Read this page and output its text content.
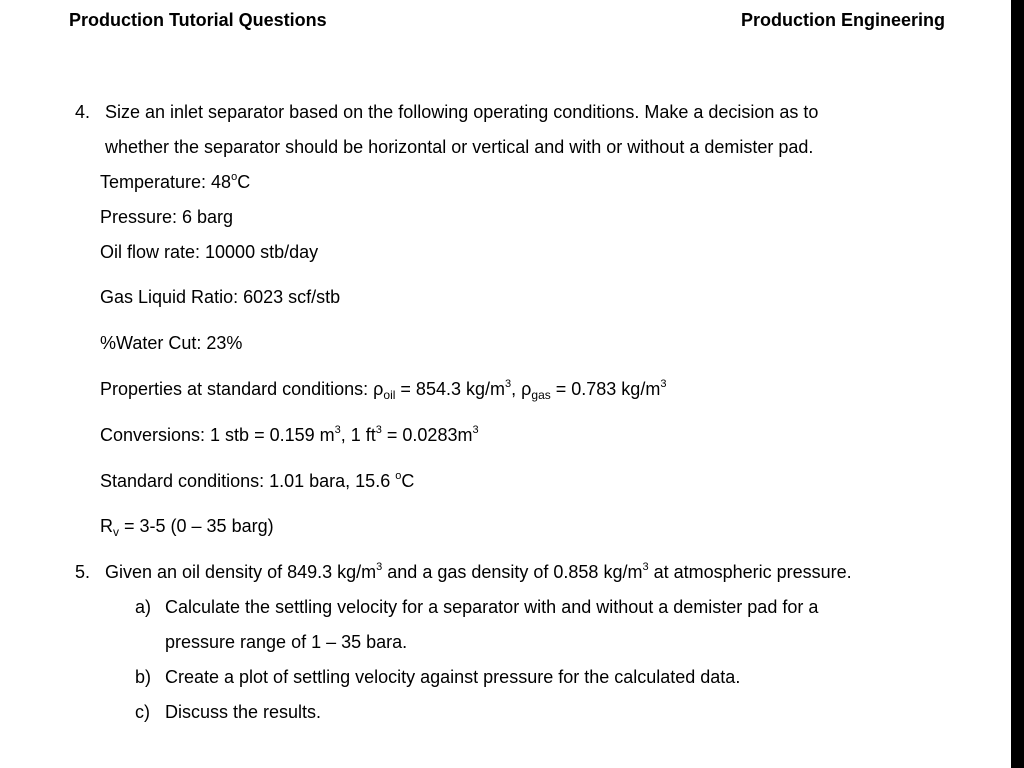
Production Tutorial Questions	Production Engineering
4. Size an inlet separator based on the following operating conditions. Make a decision as to
whether the separator should be horizontal or vertical and with or without a demister pad.
Temperature: 48$^o$C
Pressure: 6 barg
Oil flow rate: 10000 stb/day
Gas Liquid Ratio: 6023 scf/stb
%Water Cut: 23%
Properties at standard conditions: $\rho_{oil} = 854.3$ $kg/m^3$, $\rho_{gas} = 0.783$ $kg/m^3$
Conversions: 1 stb = 0.159 $m^3$, 1 $ft^3 = 0.0283m^3$
Standard conditions: 1.01 bara, 15.6 $^o$C
$R_v = 3-5$ (0 – 35 barg)
5. Given an oil density of 849.3 $kg/m^3$ and a gas density of 0.858 $kg/m^3$ at atmospheric pressure.
a) Calculate the settling velocity for a separator with and without a demister pad for a
pressure range of 1 – 35 bara.
b) Create a plot of settling velocity against pressure for the calculated data.
c) Discuss the results.
